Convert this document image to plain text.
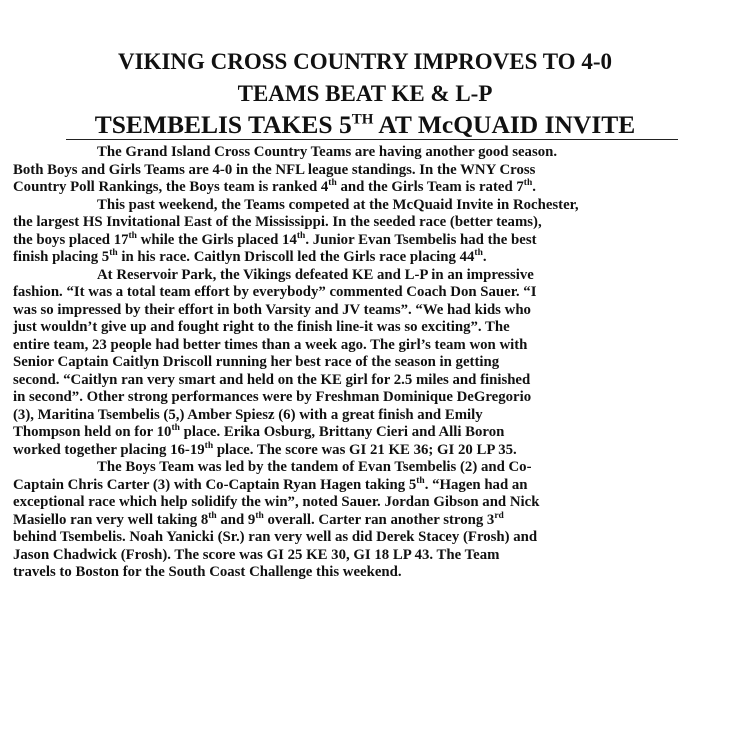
VIKING CROSS COUNTRY IMPROVES TO 4-0
TEAMS BEAT KE & L-P
TSEMBELIS TAKES 5TH AT McQUAID INVITE
The Grand Island Cross Country Teams are having another good season.
Both Boys and Girls Teams are 4-0 in the NFL league standings. In the WNY Cross
Country Poll Rankings, the Boys team is ranked 4th and the Girls Team is rated 7th.
This past weekend, the Teams competed at the McQuaid Invite in Rochester,
the largest HS Invitational East of the Mississippi. In the seeded race (better teams),
the boys placed 17th while the Girls placed 14th. Junior Evan Tsembelis had the best
finish placing 5th in his race. Caitlyn Driscoll led the Girls race placing 44th.
At Reservoir Park, the Vikings defeated KE and L-P in an impressive
fashion. “It was a total team effort by everybody” commented Coach Don Sauer. “I
was so impressed by their effort in both Varsity and JV teams”. “We had kids who
just wouldn’t give up and fought right to the finish line-it was so exciting”. The
entire team, 23 people had better times than a week ago. The girl’s team won with
Senior Captain Caitlyn Driscoll running her best race of the season in getting
second. “Caitlyn ran very smart and held on the KE girl for 2.5 miles and finished
in second”. Other strong performances were by Freshman Dominique DeGregorio
(3), Maritina Tsembelis (5,) Amber Spiesz (6) with a great finish and Emily
Thompson held on for 10th place. Erika Osburg, Brittany Cieri and Alli Boron
worked together placing 16-19th place. The score was GI 21 KE 36; GI 20 LP 35.
The Boys Team was led by the tandem of Evan Tsembelis (2) and Co-
Captain Chris Carter (3) with Co-Captain Ryan Hagen taking 5th. “Hagen had an
exceptional race which help solidify the win”, noted Sauer. Jordan Gibson and Nick
Masiello ran very well taking 8th and 9th overall. Carter ran another strong 3rd
behind Tsembelis. Noah Yanicki (Sr.) ran very well as did Derek Stacey (Frosh) and
Jason Chadwick (Frosh). The score was GI 25 KE 30, GI 18 LP 43. The Team
travels to Boston for the South Coast Challenge this weekend.
